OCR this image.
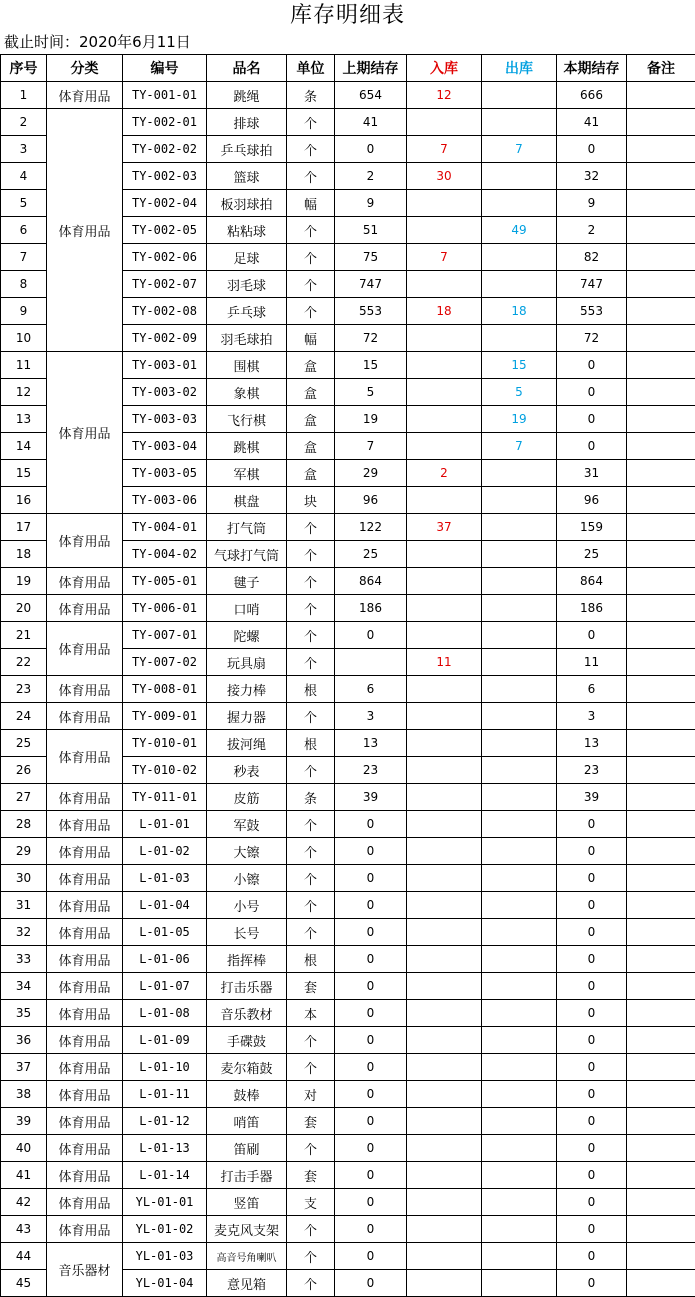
库存明细表
截止时间：2020年6月11日
序号	分类	编号	品名	单位	上期结存	入库	出库	本期结存	备注
1	体育用品	TY-001-01	跳绳	条	654	12		666	
2	体育用品	TY-002-01	排球	个	41			41	
3		TY-002-02	乒乓球拍	个	0	7	7	0	
4		TY-002-03	篮球	个	2	30		32	
5		TY-002-04	板羽球拍	幅	9			9	
6		TY-002-05	粘粘球	个	51		49	2	
7		TY-002-06	足球	个	75	7		82	
8		TY-002-07	羽毛球	个	747			747	
9		TY-002-08	乒乓球	个	553	18	18	553	
10		TY-002-09	羽毛球拍	幅	72			72	
11	体育用品	TY-003-01	围棋	盒	15		15	0	
12		TY-003-02	象棋	盒	5		5	0	
13		TY-003-03	飞行棋	盒	19		19	0	
14		TY-003-04	跳棋	盒	7		7	0	
15		TY-003-05	军棋	盒	29	2		31	
16		TY-003-06	棋盘	块	96			96	
17	体育用品	TY-004-01	打气筒	个	122	37		159	
18		TY-004-02	气球打气筒	个	25			25	
19	体育用品	TY-005-01	毽子	个	864			864	
20	体育用品	TY-006-01	口哨	个	186			186	
21	体育用品	TY-007-01	陀螺	个	0			0	
22		TY-007-02	玩具扇	个		11		11	
23	体育用品	TY-008-01	接力棒	根	6			6	
24	体育用品	TY-009-01	握力器	个	3			3	
25	体育用品	TY-010-01	拔河绳	根	13			13	
26		TY-010-02	秒表	个	23			23	
27	体育用品	TY-011-01	皮筋	条	39			39	
28	体育用品	L-01-01	军鼓	个	0			0	
29	体育用品	L-01-02	大镲	个	0			0	
30	体育用品	L-01-03	小镲	个	0			0	
31	体育用品	L-01-04	小号	个	0			0	
32	体育用品	L-01-05	长号	个	0			0	
33	体育用品	L-01-06	指挥棒	根	0			0	
34	体育用品	L-01-07	打击乐器	套	0			0	
35	体育用品	L-01-08	音乐教材	本	0			0	
36	体育用品	L-01-09	手碟鼓	个	0			0	
37	体育用品	L-01-10	麦尔箱鼓	个	0			0	
38	体育用品	L-01-11	鼓棒	对	0			0	
39	体育用品	L-01-12	哨笛	套	0			0	
40	体育用品	L-01-13	笛刷	个	0			0	
41	体育用品	L-01-14	打击手器	套	0			0	
42	体育用品	YL-01-01	竖笛	支	0			0	
43	体育用品	YL-01-02	麦克风支架	个	0			0	
44	音乐器材	YL-01-03	高音号角喇叭	个	0			0	
45		YL-01-04	意见箱	个	0			0	
